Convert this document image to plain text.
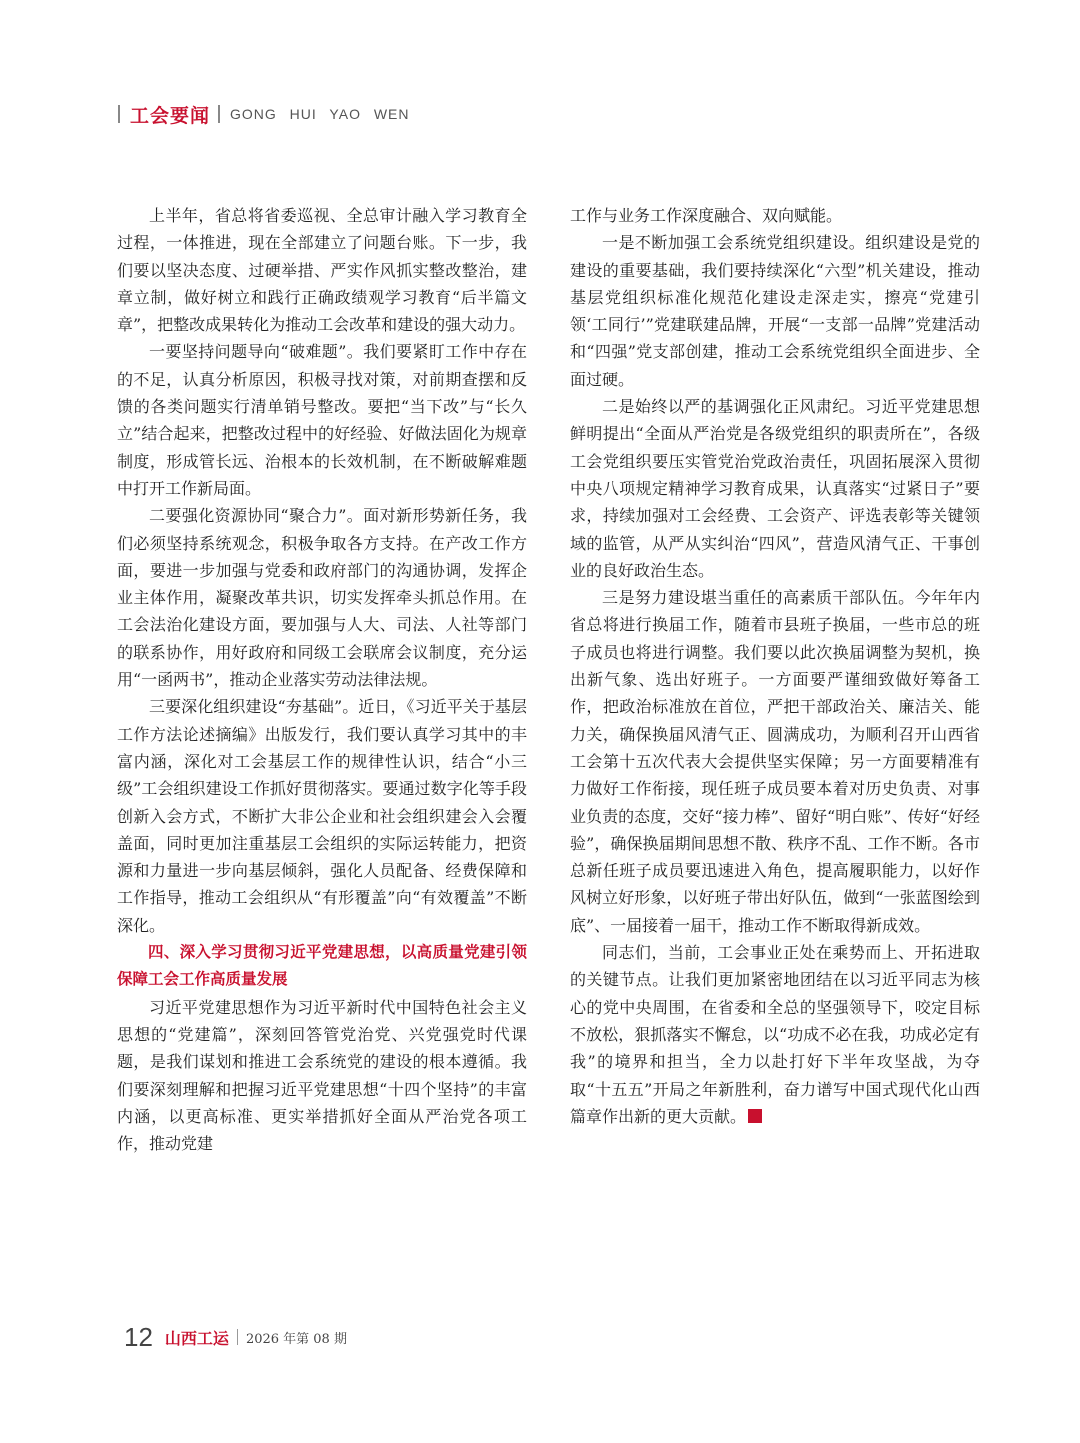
工会要闻 GONG HUI YAO WEN

上半年，省总将省委巡视、全总审计融入学习教育全过程，一体推进，现在全部建立了问题台账。下一步，我们要以坚决态度、过硬举措、严实作风抓实整改整治，建章立制，做好树立和践行正确政绩观学习教育“后半篇文章”，把整改成果转化为推动工会改革和建设的强大动力。

一要坚持问题导向“破难题”。我们要紧盯工作中存在的不足，认真分析原因，积极寻找对策，对前期查摆和反馈的各类问题实行清单销号整改。要把“当下改”与“长久立”结合起来，把整改过程中的好经验、好做法固化为规章制度，形成管长远、治根本的长效机制，在不断破解难题中打开工作新局面。

二要强化资源协同“聚合力”。面对新形势新任务，我们必须坚持系统观念，积极争取各方支持。在产改工作方面，要进一步加强与党委和政府部门的沟通协调，发挥企业主体作用，凝聚改革共识，切实发挥牵头抓总作用。在工会法治化建设方面，要加强与人大、司法、人社等部门的联系协作，用好政府和同级工会联席会议制度，充分运用“一函两书”，推动企业落实劳动法律法规。

三要深化组织建设“夯基础”。近日，《习近平关于基层工作方法论述摘编》出版发行，我们要认真学习其中的丰富内涵，深化对工会基层工作的规律性认识，结合“小三级”工会组织建设工作抓好贯彻落实。要通过数字化等手段创新入会方式，不断扩大非公企业和社会组织建会入会覆盖面，同时更加注重基层工会组织的实际运转能力，把资源和力量进一步向基层倾斜，强化人员配备、经费保障和工作指导，推动工会组织从“有形覆盖”向“有效覆盖”不断深化。

四、深入学习贯彻习近平党建思想，以高质量党建引领保障工会工作高质量发展

习近平党建思想作为习近平新时代中国特色社会主义思想的“党建篇”，深刻回答管党治党、兴党强党时代课题，是我们谋划和推进工会系统党的建设的根本遵循。我们要深刻理解和把握习近平党建思想“十四个坚持”的丰富内涵，以更高标准、更实举措抓好全面从严治党各项工作，推动党建

工作与业务工作深度融合、双向赋能。

一是不断加强工会系统党组织建设。组织建设是党的建设的重要基础，我们要持续深化“六型”机关建设，推动基层党组织标准化规范化建设走深走实，擦亮“党建引领‘工同行’”党建联建品牌，开展“一支部一品牌”党建活动和“四强”党支部创建，推动工会系统党组织全面进步、全面过硬。

二是始终以严的基调强化正风肃纪。习近平党建思想鲜明提出“全面从严治党是各级党组织的职责所在”，各级工会党组织要压实管党治党政治责任，巩固拓展深入贯彻中央八项规定精神学习教育成果，认真落实“过紧日子”要求，持续加强对工会经费、工会资产、评选表彰等关键领域的监管，从严从实纠治“四风”，营造风清气正、干事创业的良好政治生态。

三是努力建设堪当重任的高素质干部队伍。今年年内省总将进行换届工作，随着市县班子换届，一些市总的班子成员也将进行调整。我们要以此次换届调整为契机，换出新气象、选出好班子。一方面要严谨细致做好筹备工作，把政治标准放在首位，严把干部政治关、廉洁关、能力关，确保换届风清气正、圆满成功，为顺利召开山西省工会第十五次代表大会提供坚实保障；另一方面要精准有力做好工作衔接，现任班子成员要本着对历史负责、对事业负责的态度，交好“接力棒”、留好“明白账”、传好“好经验”，确保换届期间思想不散、秩序不乱、工作不断。各市总新任班子成员要迅速进入角色，提高履职能力，以好作风树立好形象，以好班子带出好队伍，做到“一张蓝图绘到底”、一届接着一届干，推动工作不断取得新成效。

同志们，当前，工会事业正处在乘势而上、开拓进取的关键节点。让我们更加紧密地团结在以习近平同志为核心的党中央周围，在省委和全总的坚强领导下，咬定目标不放松，狠抓落实不懈怠，以“功成不必在我，功成必定有我”的境界和担当，全力以赴打好下半年攻坚战，为夺取“十五五”开局之年新胜利，奋力谱写中国式现代化山西篇章作出新的更大贡献。

12 山西工运 2026 年第 08 期
